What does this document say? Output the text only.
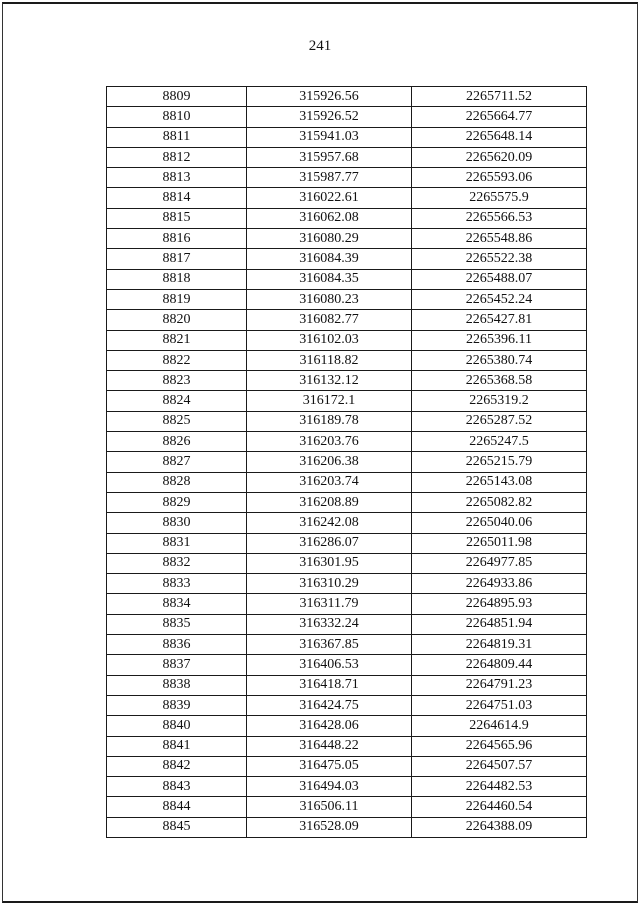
241
8809	315926.56	2265711.52
8810	315926.52	2265664.77
8811	315941.03	2265648.14
8812	315957.68	2265620.09
8813	315987.77	2265593.06
8814	316022.61	2265575.9
8815	316062.08	2265566.53
8816	316080.29	2265548.86
8817	316084.39	2265522.38
8818	316084.35	2265488.07
8819	316080.23	2265452.24
8820	316082.77	2265427.81
8821	316102.03	2265396.11
8822	316118.82	2265380.74
8823	316132.12	2265368.58
8824	316172.1	2265319.2
8825	316189.78	2265287.52
8826	316203.76	2265247.5
8827	316206.38	2265215.79
8828	316203.74	2265143.08
8829	316208.89	2265082.82
8830	316242.08	2265040.06
8831	316286.07	2265011.98
8832	316301.95	2264977.85
8833	316310.29	2264933.86
8834	316311.79	2264895.93
8835	316332.24	2264851.94
8836	316367.85	2264819.31
8837	316406.53	2264809.44
8838	316418.71	2264791.23
8839	316424.75	2264751.03
8840	316428.06	2264614.9
8841	316448.22	2264565.96
8842	316475.05	2264507.57
8843	316494.03	2264482.53
8844	316506.11	2264460.54
8845	316528.09	2264388.09
